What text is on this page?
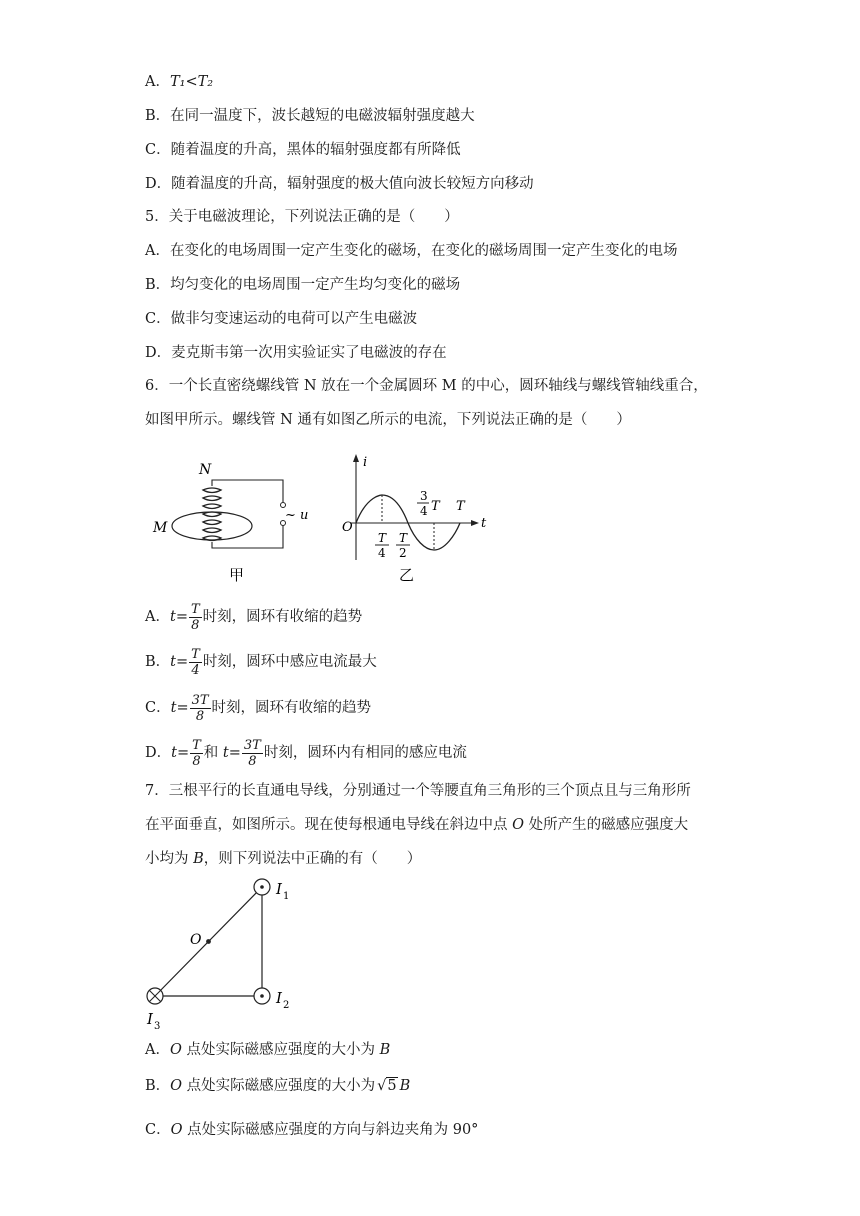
A．T₁<T₂
B．在同一温度下，波长越短的电磁波辐射强度越大
C．随着温度的升高，黑体的辐射强度都有所降低
D．随着温度的升高，辐射强度的极大值向波长较短方向移动
5．关于电磁波理论，下列说法正确的是（　　）
A．在变化的电场周围一定产生变化的磁场，在变化的磁场周围一定产生变化的电场
B．均匀变化的电场周围一定产生均匀变化的磁场
C．做非匀变速运动的电荷可以产生电磁波
D．麦克斯韦第一次用实验证实了电磁波的存在
6．一个长直密绕螺线管 N 放在一个金属圆环 M 的中心，圆环轴线与螺线管轴线重合，
如图甲所示。螺线管 N 通有如图乙所示的电流，下列说法正确的是（　　）
N
M
~ u
甲
i
t
O
T
4
T
2
3
4 T T
乙
A．$t= \frac{T}{8}$ 时刻，圆环有收缩的趋势
B．$t= \frac{T}{4}$ 时刻，圆环中感应电流最大
C．$t= \frac{3T}{8}$ 时刻，圆环有收缩的趋势
D．$t= \frac{T}{8}$ 和 $t= \frac{3T}{8}$ 时刻，圆环内有相同的感应电流
7．三根平行的长直通电导线，分别通过一个等腰直角三角形的三个顶点且与三角形所
在平面垂直，如图所示。现在使每根通电导线在斜边中点 O 处所产生的磁感应强度大
小均为 B，则下列说法中正确的有（　　）
O
I 1
I 2
I 3
A．O 点处实际磁感应强度的大小为 B
B．O 点处实际磁感应强度的大小为 √5 B
C．O 点处实际磁感应强度的方向与斜边夹角为 90°
